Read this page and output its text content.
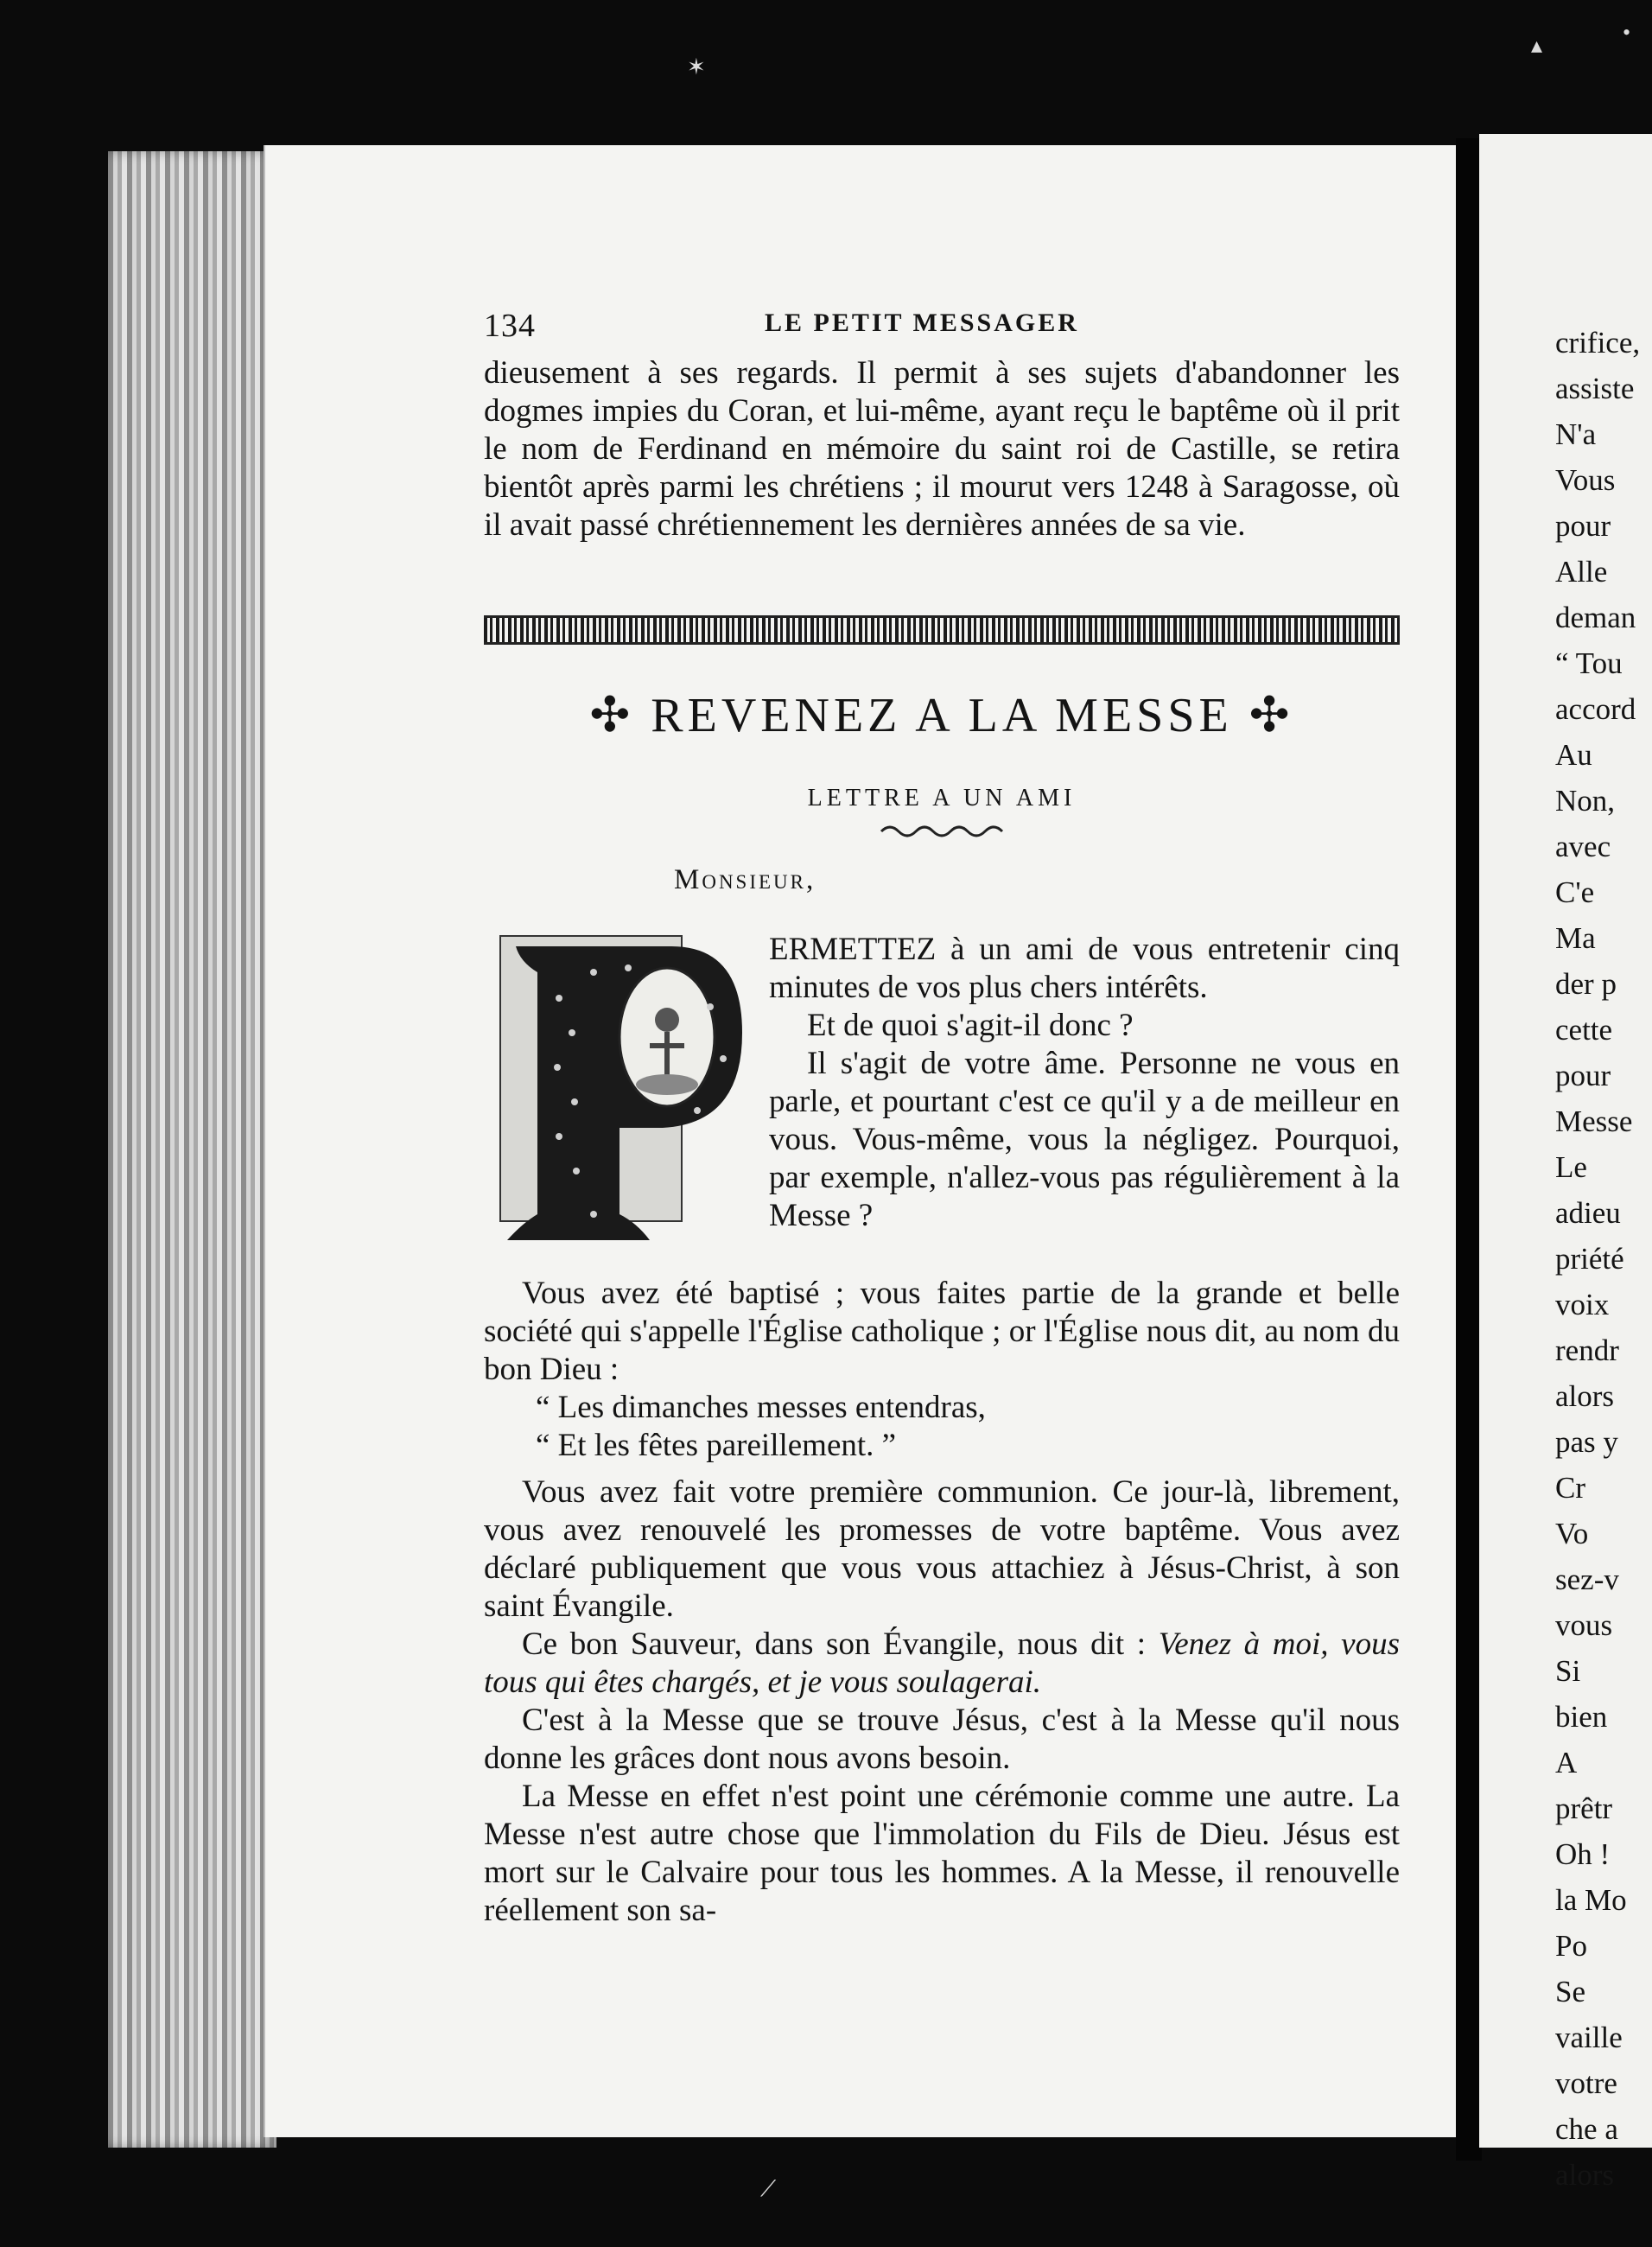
•
✶
▴
⟋
134	LE PETIT MESSAGER

dieusement à ses regards. Il permit à ses sujets d'abandonner les dogmes impies du Coran, et lui-même, ayant reçu le baptême où il prit le nom de Ferdinand en mémoire du saint roi de Castille, se retira bientôt après parmi les chrétiens ; il mourut vers 1248 à Saragosse, où il avait passé chrétiennement les dernières années de sa vie.

✣ REVENEZ A LA MESSE ✣
LETTRE A UN AMI
Monsieur,

ERMETTEZ à un ami de vous entretenir cinq minutes de vos plus chers intérêts.

Et de quoi s'agit-il donc ?

Il s'agit de votre âme. Personne ne vous en parle, et pourtant c'est ce qu'il y a de meilleur en vous. Vous-même, vous la négligez. Pourquoi, par exemple, n'allez-vous pas régulièrement à la Messe ?

Vous avez été baptisé ; vous faites partie de la grande et belle société qui s'appelle l'Église catholique ; or l'Église nous dit, au nom du bon Dieu :

“ Les dimanches messes entendras,

“ Et les fêtes pareillement. ”

Vous avez fait votre première communion. Ce jour-là, librement, vous avez renouvelé les promesses de votre baptême. Vous avez déclaré publiquement que vous vous attachiez à Jésus-Christ, à son saint Évangile.

Ce bon Sauveur, dans son Évangile, nous dit : Venez à moi, vous tous qui êtes chargés, et je vous soulagerai.

C'est à la Messe que se trouve Jésus, c'est à la Messe qu'il nous donne les grâces dont nous avons besoin.

La Messe en effet n'est point une cérémonie comme une autre. La Messe n'est autre chose que l'immolation du Fils de Dieu. Jésus est mort sur le Calvaire pour tous les hommes. A la Messe, il renouvelle réellement son sa-

crifice,
assiste
N'a
Vous
pour
Alle
deman
“ Tou
accord
Au
Non,
avec
C'e
Ma
der p
cette
pour
Messe
Le
adieu
priété
voix
rendr
alors
pas y
Cr
Vo
sez-v
vous
Si
bien
A
prêtr
Oh !
la Mo
Po
Se
vaille
votre
che a
alors
